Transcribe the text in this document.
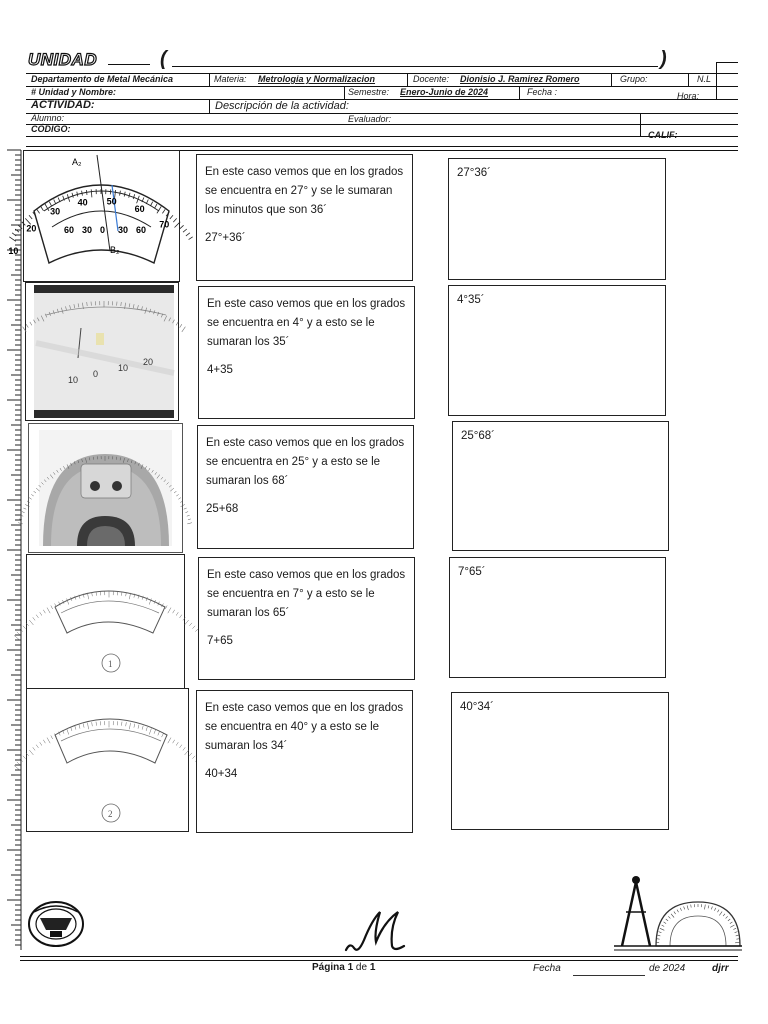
UNIDAD	(	)
Departamento de Metal Mecánica	Materia: Metrologia y Normalizacion	Docente: Dionisio J. Ramirez Romero	Grupo:	N.L
# Unidad y Nombre:	Semestre: Enero-Junio de 2024	Fecha :	Hora:
ACTIVIDAD:	Descripción de la actividad:
Alumno:	Evaluador:
CÓDIGO:
CALIF:
A₂
B₂
10
20
30
40 50
60
70
60 30 0 30 60
En este caso vemos que en los grados se encuentra en 27° y se le sumaran los minutos que son 36´
27°+36´
27°36´
10
0
10
20
En este caso vemos que en los grados se encuentra en 4° y a esto se le sumaran los 35´
4+35
4°35´
En este caso vemos que en los grados se encuentra en 25° y a esto se le sumaran los 68´
25+68
25°68´
1
En este caso vemos que en los grados se encuentra en 7° y a esto se le sumaran los 65´
7+65
7°65´
2
En este caso vemos que en los grados se encuentra en 40° y a esto se le sumaran los 34´
40+34
40°34´
Página 1 de 1	Fecha	de 2024	djrr
